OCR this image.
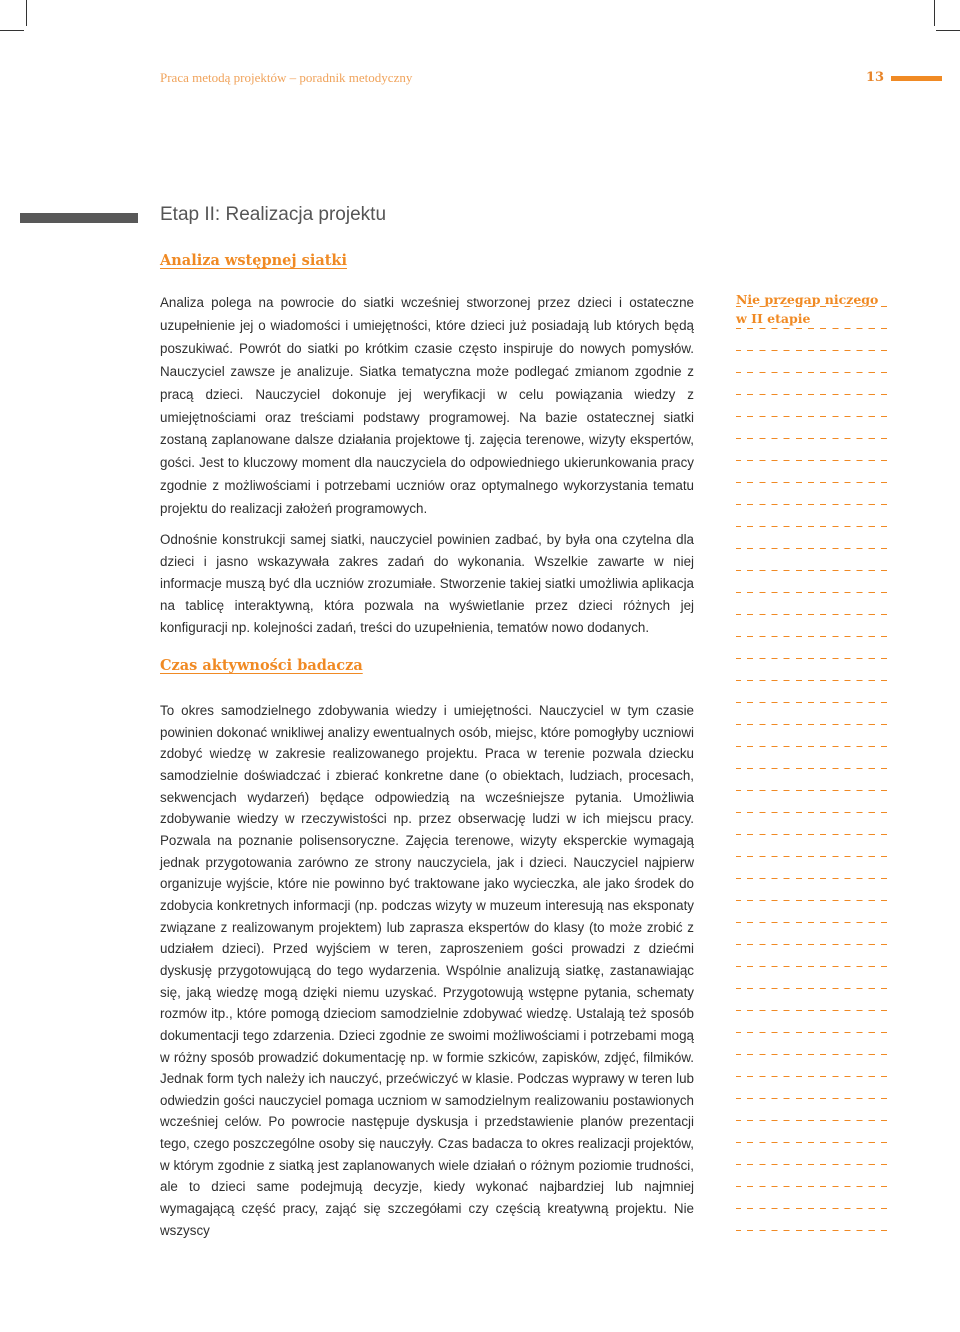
Praca metodą projektów – poradnik metodyczny	13
Etap II: Realizacja projektu
Analiza wstępnej siatki

Analiza polega na powrocie do siatki wcześniej stworzonej przez dzieci i ostateczne uzupełnienie jej o wiadomości i umiejętności, które dzieci już posiadają lub których będą poszukiwać. Powrót do siatki po krótkim czasie często inspiruje do nowych pomysłów. Nauczyciel zawsze je analizuje. Siatka tematyczna może podlegać zmianom zgodnie z pracą dzieci. Nauczyciel dokonuje jej weryfikacji w celu powiązania wiedzy z umiejętnościami oraz treściami podstawy programowej. Na bazie ostatecznej siatki zostaną zaplanowane dalsze działania projektowe tj. zajęcia terenowe, wizyty ekspertów, gości. Jest to kluczowy moment dla nauczyciela do odpowiedniego ukierunkowania pracy zgodnie z możliwościami i potrzebami uczniów oraz optymalnego wykorzystania tematu projektu do realizacji założeń programowych.

Odnośnie konstrukcji samej siatki, nauczyciel powinien zadbać, by była ona czytelna dla dzieci i jasno wskazywała zakres zadań do wykonania. Wszelkie zawarte w niej informacje muszą być dla uczniów zrozumiałe. Stworzenie takiej siatki umożliwia aplikacja na tablicę interaktywną, która pozwala na wyświetlanie przez dzieci różnych jej konfiguracji np. kolejności zadań, treści do uzupełnienia, tematów nowo dodanych.

Czas aktywności badacza

To okres samodzielnego zdobywania wiedzy i umiejętności. Nauczyciel w tym czasie powinien dokonać wnikliwej analizy ewentualnych osób, miejsc, które pomogłyby uczniowi zdobyć wiedzę w zakresie realizowanego projektu. Praca w terenie pozwala dziecku samodzielnie doświadczać i zbierać konkretne dane (o obiektach, ludziach, procesach, sekwencjach wydarzeń) będące odpowiedzią na wcześniejsze pytania. Umożliwia zdobywanie wiedzy w rzeczywistości np. przez obserwację ludzi w ich miejscu pracy. Pozwala na poznanie polisensoryczne. Zajęcia terenowe, wizyty eksperckie wymagają jednak przygotowania zarówno ze strony nauczyciela, jak i dzieci. Nauczyciel najpierw organizuje wyjście, które nie powinno być traktowane jako wycieczka, ale jako środek do zdobycia konkretnych informacji (np. podczas wizyty w muzeum interesują nas eksponaty związane z realizowanym projektem) lub zaprasza ekspertów do klasy (to może zrobić z udziałem dzieci). Przed wyjściem w teren, zaproszeniem gości prowadzi z dziećmi dyskusję przygotowującą do tego wydarzenia. Wspólnie analizują siatkę, zastanawiając się, jaką wiedzę mogą dzięki niemu uzyskać. Przygotowują wstępne pytania, schematy rozmów itp., które pomogą dzieciom samodzielnie zdobywać wiedzę. Ustalają też sposób dokumentacji tego zdarzenia. Dzieci zgodnie ze swoimi możliwościami i potrzebami mogą w różny sposób prowadzić dokumentację np. w formie szkiców, zapisków, zdjęć, filmików. Jednak form tych należy ich nauczyć, przećwiczyć w klasie. Podczas wyprawy w teren lub odwiedzin gości nauczyciel pomaga uczniom w samodzielnym realizowaniu postawionych wcześniej celów. Po powrocie następuje dyskusja i przedstawienie planów prezentacji tego, czego poszczególne osoby się nauczyły. Czas badacza to okres realizacji projektów, w którym zgodnie z siatką jest zaplanowanych wiele działań o różnym poziomie trudności, ale to dzieci same podejmują decyzje, kiedy wykonać najbardziej lub najmniej wymagającą część pracy, zająć się szczegółami czy częścią kreatywną projektu. Nie wszyscy

Nie przegap niczego
w II etapie
